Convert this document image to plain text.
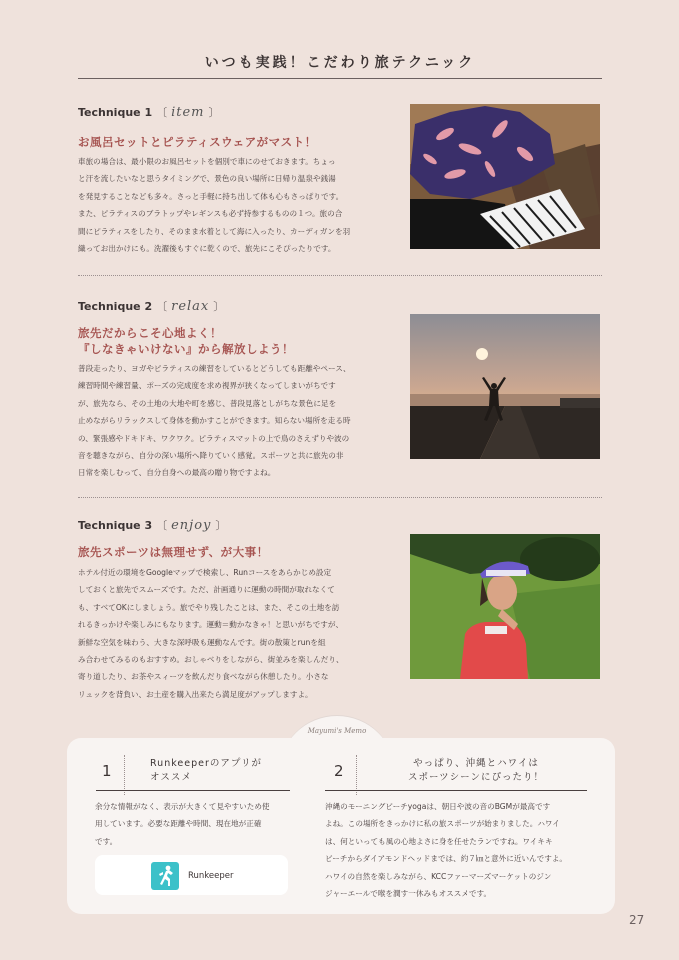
いつも実践！こだわり旅テクニック
Technique 1 〔 item 〕
お風呂セットとピラティスウェアがマスト！
車旅の場合は、最小限のお風呂セットを個別で車にのせておきます。ちょっ
と汗を流したいなと思うタイミングで、景色の良い場所に日帰り温泉や銭湯
を発見することなども多々。さっと手軽に持ち出して体も心もさっぱりです。
また、ピラティスのブラトップやレギンスも必ず持参するものの１つ。旅の合
間にピラティスをしたり、そのまま水着として海に入ったり、カーディガンを羽
織ってお出かけにも。洗濯後もすぐに乾くので、旅先にこそぴったりです。
Technique 2 〔 relax 〕
旅先だからこそ心地よく！
『しなきゃいけない』から解放しよう！
普段走ったり、ヨガやピラティスの練習をしているとどうしても距離やペース、
練習時間や練習量、ポーズの完成度を求め視界が狭くなってしまいがちです
が、旅先なら、その土地の大地や町を感じ、普段見落としがちな景色に足を
止めながらリラックスして身体を動かすことができます。知らない場所を走る時
の、緊張感やドキドキ、ワクワク。ピラティスマットの上で鳥のさえずりや波の
音を聴きながら、自分の深い場所へ降りていく感覚。スポーツと共に旅先の非
日常を楽しむって、自分自身への最高の贈り物ですよね。
Technique 3 〔 enjoy 〕
旅先スポーツは無理せず、が大事！
ホテル付近の環境をGoogleマップで検索し、Runコースをあらかじめ設定
しておくと旅先でスムーズです。ただ、計画通りに運動の時間が取れなくて
も、すべてOKにしましょう。旅でやり残したことは、また、そこの土地を訪
れるきっかけや楽しみにもなります。運動＝動かなきゃ！と思いがちですが、
新鮮な空気を味わう、大きな深呼吸も運動なんです。街の散策とrunを組
み合わせてみるのもおすすめ。おしゃべりをしながら、街並みを楽しんだり、
寄り道したり、お茶やスィーツを飲んだり食べながら休憩したり。小さな
リュックを背負い、お土産を購入出来たら満足度がアップしますよ。
Mayumi's Memo
1	Runkeeperのアプリが
オススメ
余分な情報がなく、表示が大きくて見やすいため使
用しています。必要な距離や時間、現在地が正確
です。
Runkeeper
2	やっぱり、沖縄とハワイは
スポーツシーンにぴったり！
沖縄のモーニングビーチyogaは、朝日や波の音のBGMが最高です
よね。この場所をきっかけに私の旅スポーツが始まりました。ハワイ
は、何といっても風の心地よさに身を任せたランですね。ワイキキ
ビーチからダイアモンドヘッドまでは、約７㎞と意外に近いんですよ。
ハワイの自然を楽しみながら、KCCファーマーズマーケットのジン
ジャーエールで喉を潤す一休みもオススメです。
27
